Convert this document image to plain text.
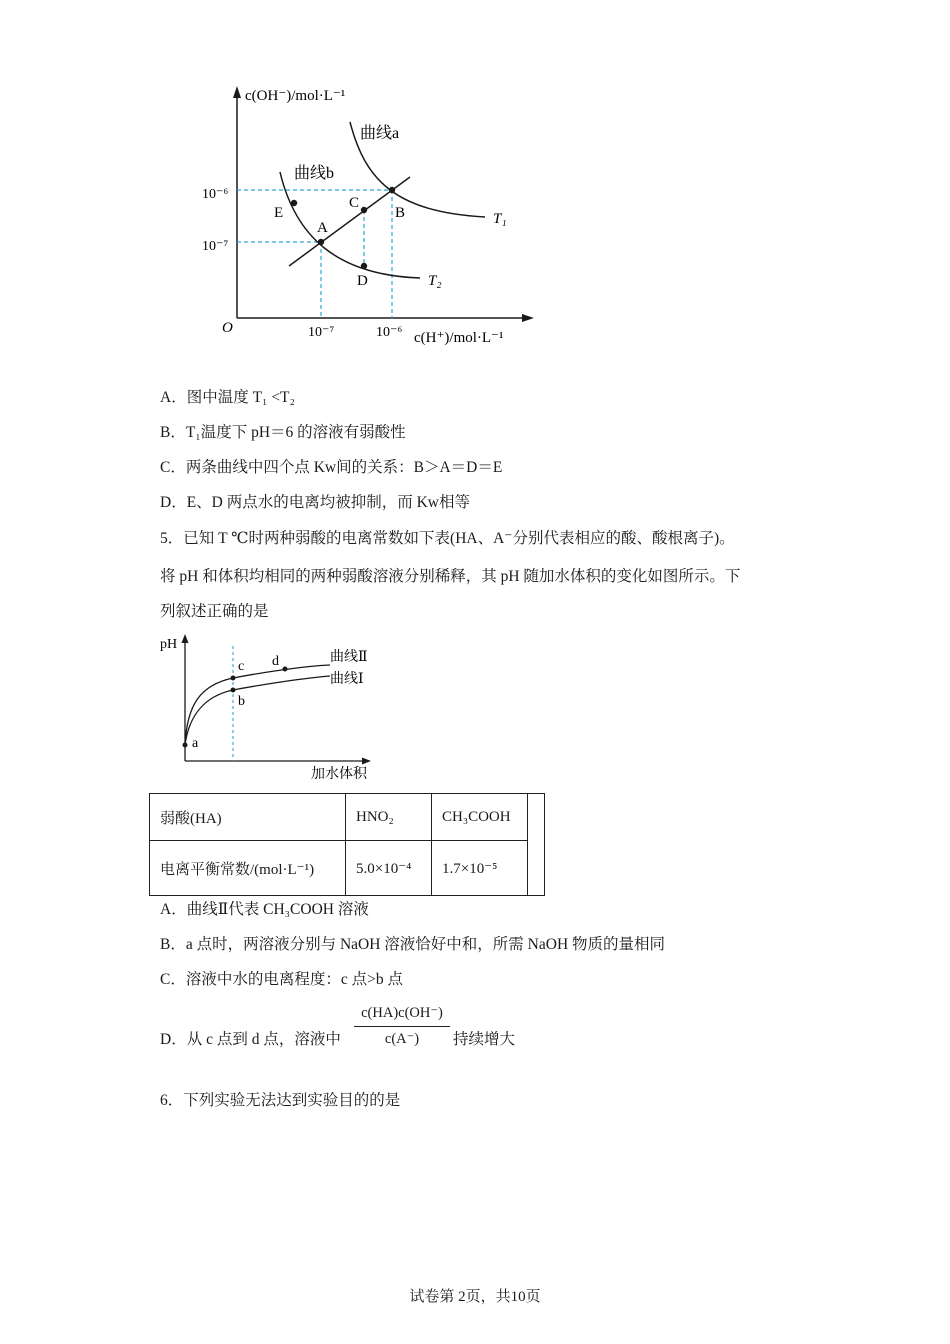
c(OH⁻)/mol·L⁻¹
c(H⁺)/mol·L⁻¹
O
10⁻⁶
10⁻⁷
10⁻⁷	10⁻⁶
曲线a
曲线b
T₁
T₂
A
B
C
D
E
A．图中温度 T₁ <T₂
B．T₁温度下 pH＝6 的溶液有弱酸性
C．两条曲线中四个点 Kw间的关系：B＞A＝D＝E
D．E、D 两点水的电离均被抑制，而 Kw相等
5．已知 T ℃时两种弱酸的电离常数如下表(HA、A⁻分别代表相应的酸、酸根离子)。
将 pH 和体积均相同的两种弱酸溶液分别稀释，其 pH 随加水体积的变化如图所示。下
列叙述正确的是
pH
加水体积
曲线Ⅱ
曲线Ⅰ
a
b
c d
弱酸(HA)	HNO₂	CH₃COOH	
电离平衡常数/(mol·L⁻¹)	5.0×10⁻⁴	1.7×10⁻⁵	
A．曲线Ⅱ代表 CH₃COOH 溶液
B．a 点时，两溶液分别与 NaOH 溶液恰好中和，所需 NaOH 物质的量相同
C．溶液中水的电离程度：c 点>b 点
D．从 c 点到 d 点，溶液中 $\frac{c(HA)c(OH^-)}{c(A^-)}$ 持续增大
6．下列实验无法达到实验目的的是
试卷第 2页，共10页
